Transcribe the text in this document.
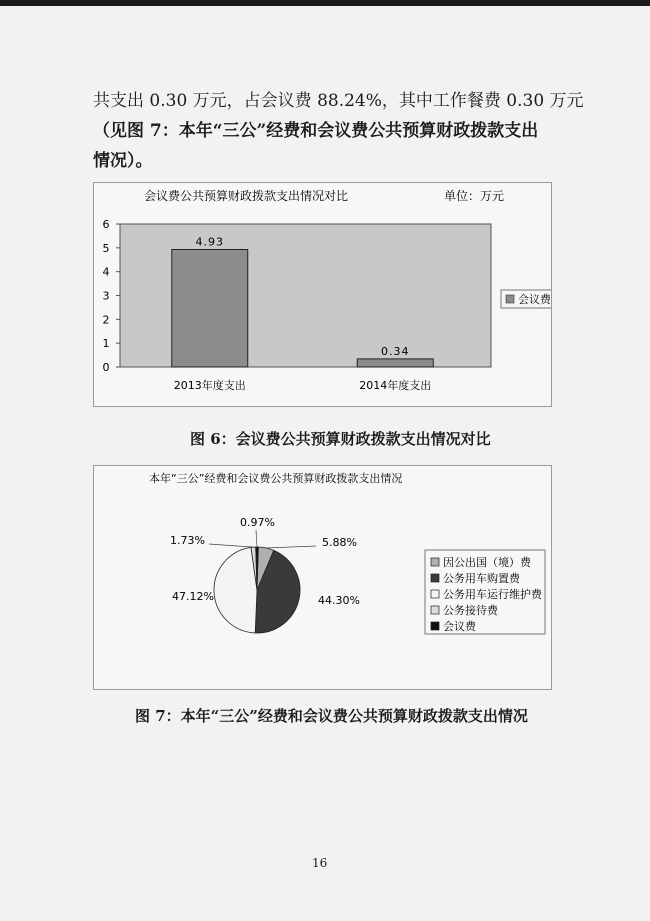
共支出 0.30 万元，占会议费 88.24%，其中工作餐费 0.30 万元
（见图 7：本年“三公”经费和会议费公共预算财政拨款支出
情况）。
会议费公共预算财政拨款支出情况对比	单位：万元
0
1
2
3
4
5
6
4.93
0.34
2013年度支出	2014年度支出
会议费
图 6：会议费公共预算财政拨款支出情况对比
本年“三公”经费和会议费公共预算财政拨款支出情况
5.88%
44.30%
47.12%
1.73%
0.97%
因公出国（境）费
公务用车购置费
公务用车运行维护费
公务接待费
会议费
图 7：本年“三公”经费和会议费公共预算财政拨款支出情况
16
